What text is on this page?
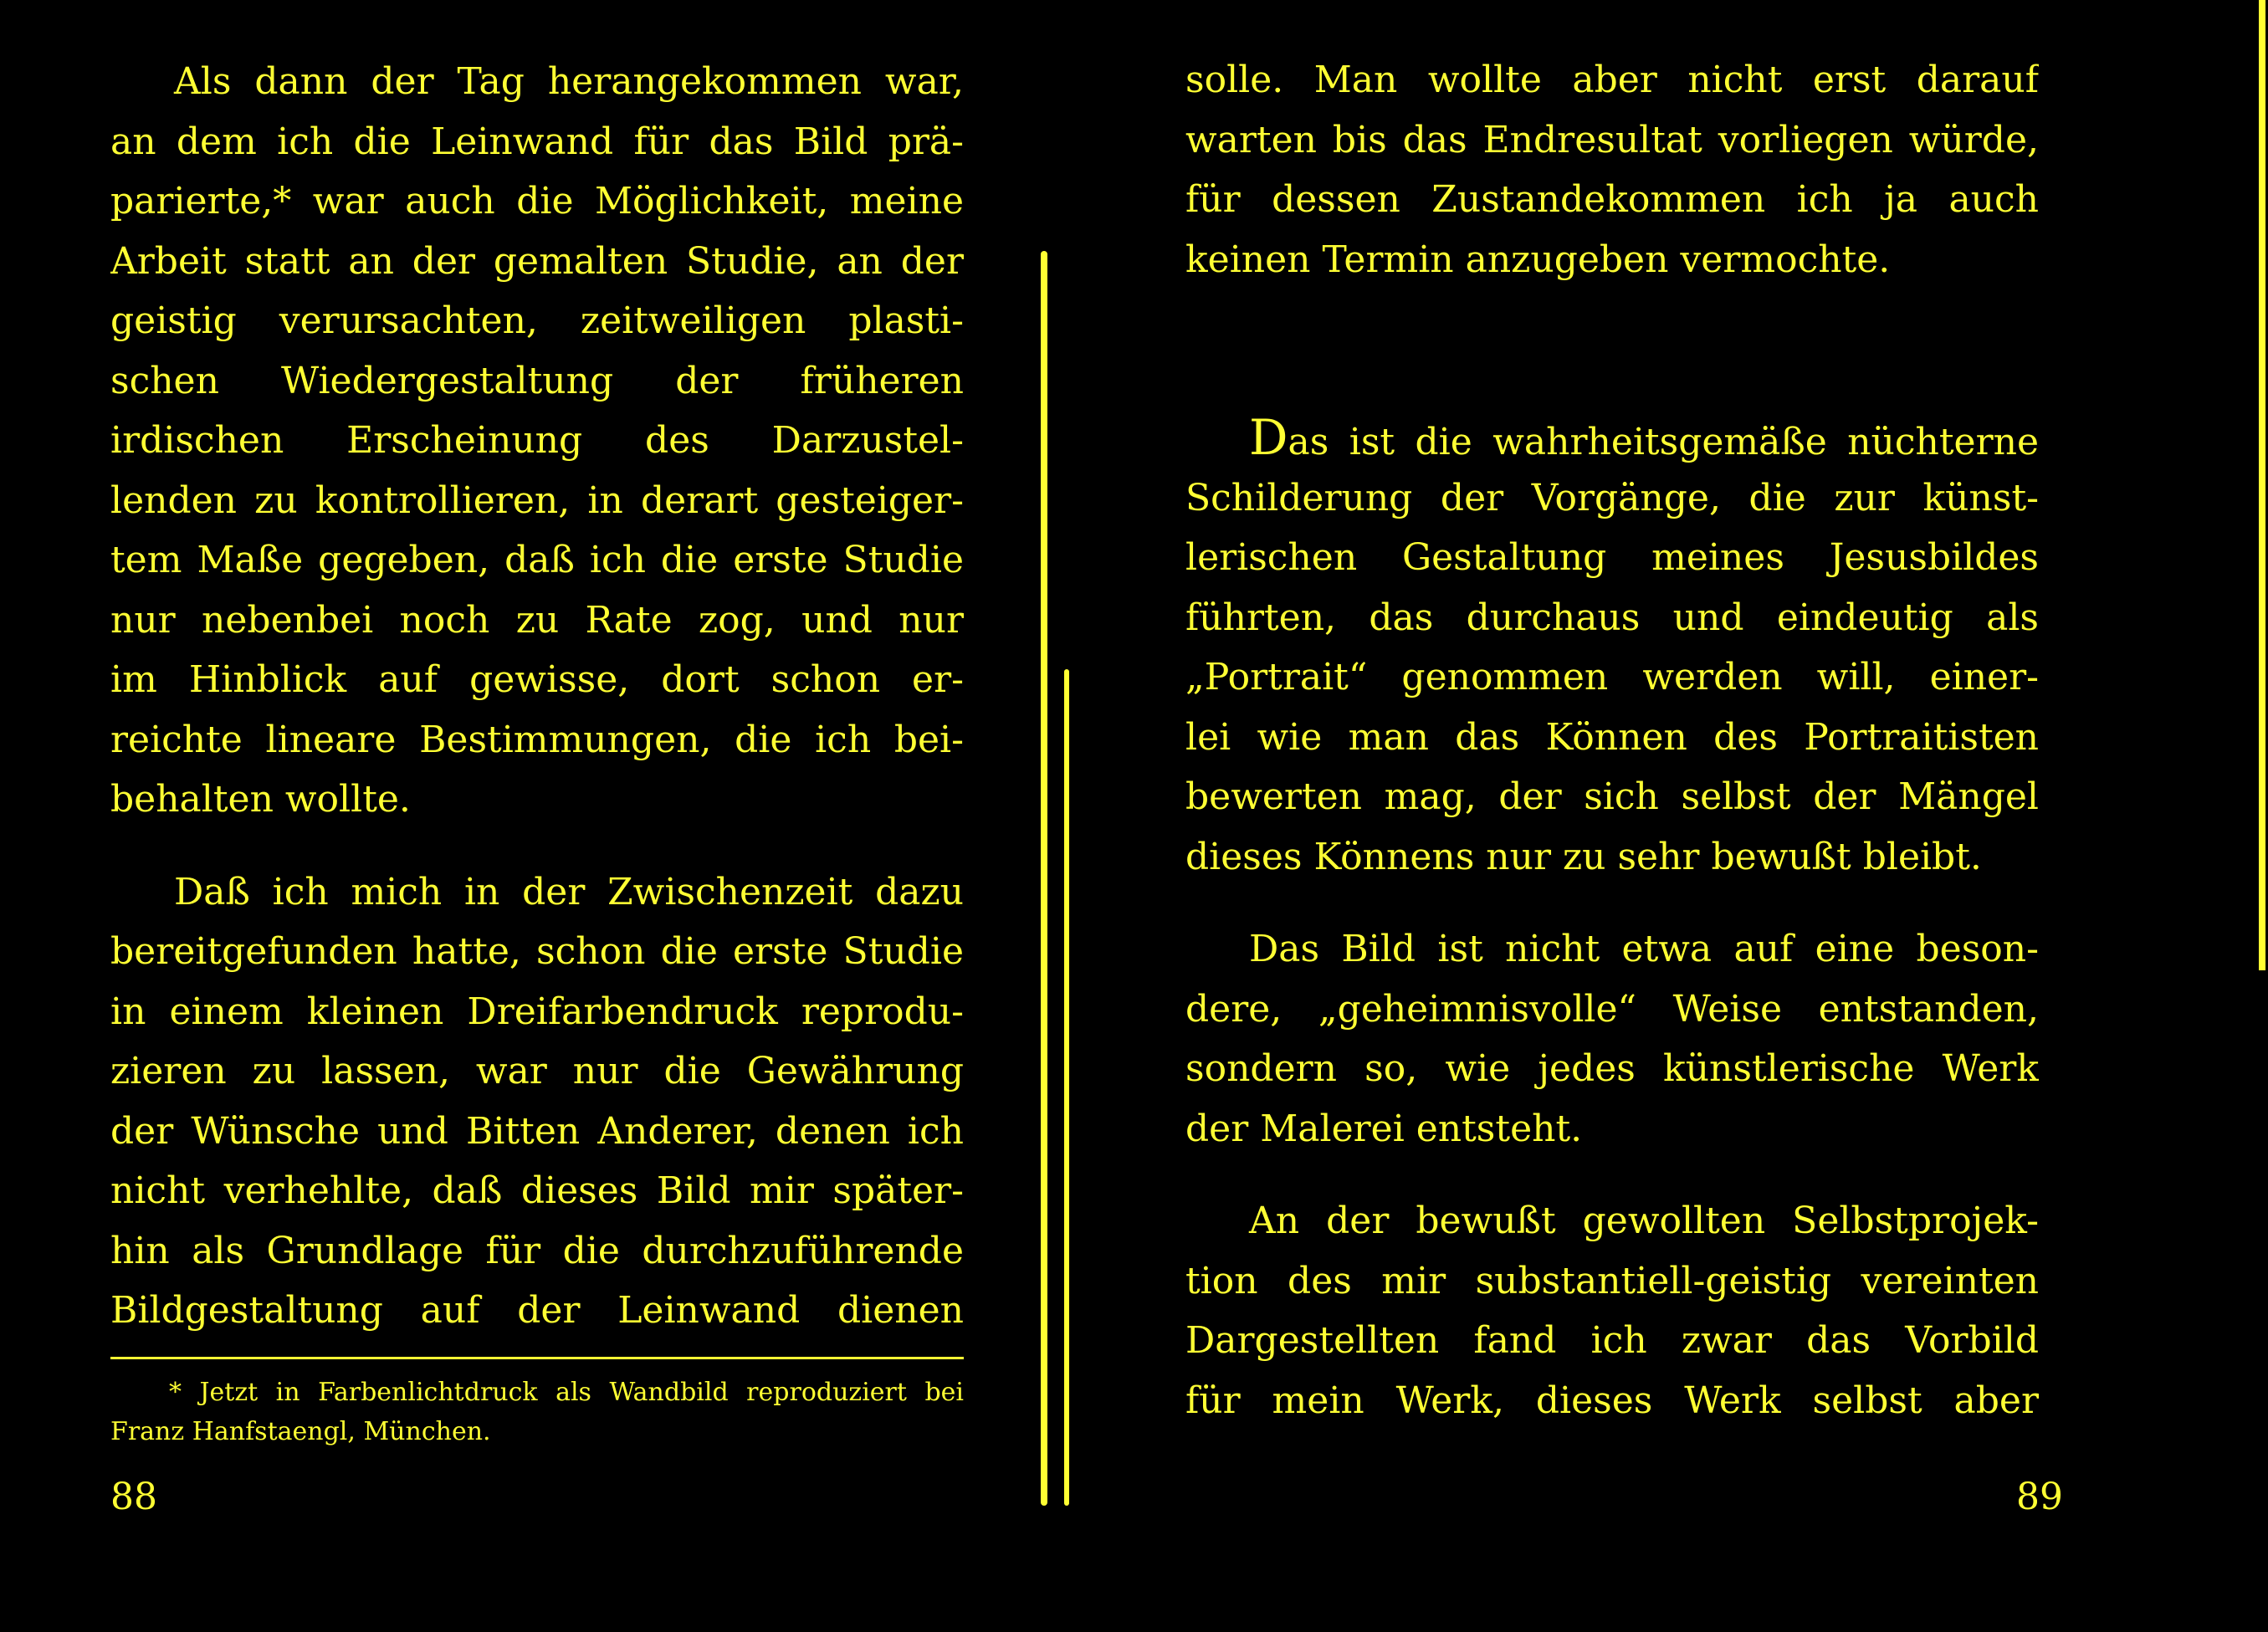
Als dann der Tag herangekommen war,
an dem ich die Leinwand für das Bild prä-
parierte,* war auch die Möglichkeit, meine
Arbeit statt an der gemalten Studie, an der
geistig verursachten, zeitweiligen plasti-
schen Wiedergestaltung der früheren
irdischen Erscheinung des Darzustel-
lenden zu kontrollieren, in derart gesteiger-
tem Maße gegeben, daß ich die erste Studie
nur nebenbei noch zu Rate zog, und nur
im Hinblick auf gewisse, dort schon er-
reichte lineare Bestimmungen, die ich bei-
behalten wollte.
Daß ich mich in der Zwischenzeit dazu
bereitgefunden hatte, schon die erste Studie
in einem kleinen Dreifarbendruck reprodu-
zieren zu lassen, war nur die Gewährung
der Wünsche und Bitten Anderer, denen ich
nicht verhehlte, daß dieses Bild mir später-
hin als Grundlage für die durchzuführende
Bildgestaltung auf der Leinwand dienen
* Jetzt in Farbenlichtdruck als Wandbild reproduziert bei
Franz Hanfstaengl, München.
88
solle. Man wollte aber nicht erst darauf
warten bis das Endresultat vorliegen würde,
für dessen Zustandekommen ich ja auch
keinen Termin anzugeben vermochte.
Das ist die wahrheitsgemäße nüchterne
Schilderung der Vorgänge, die zur künst-
lerischen Gestaltung meines Jesusbildes
führten, das durchaus und eindeutig als
„Portrait“ genommen werden will, einer-
lei wie man das Können des Portraitisten
bewerten mag, der sich selbst der Mängel
dieses Könnens nur zu sehr bewußt bleibt.
Das Bild ist nicht etwa auf eine beson-
dere, „geheimnisvolle“ Weise entstanden,
sondern so, wie jedes künstlerische Werk
der Malerei entsteht.
An der bewußt gewollten Selbstprojek-
tion des mir substantiell-geistig vereinten
Dargestellten fand ich zwar das Vorbild
für mein Werk, dieses Werk selbst aber
89
